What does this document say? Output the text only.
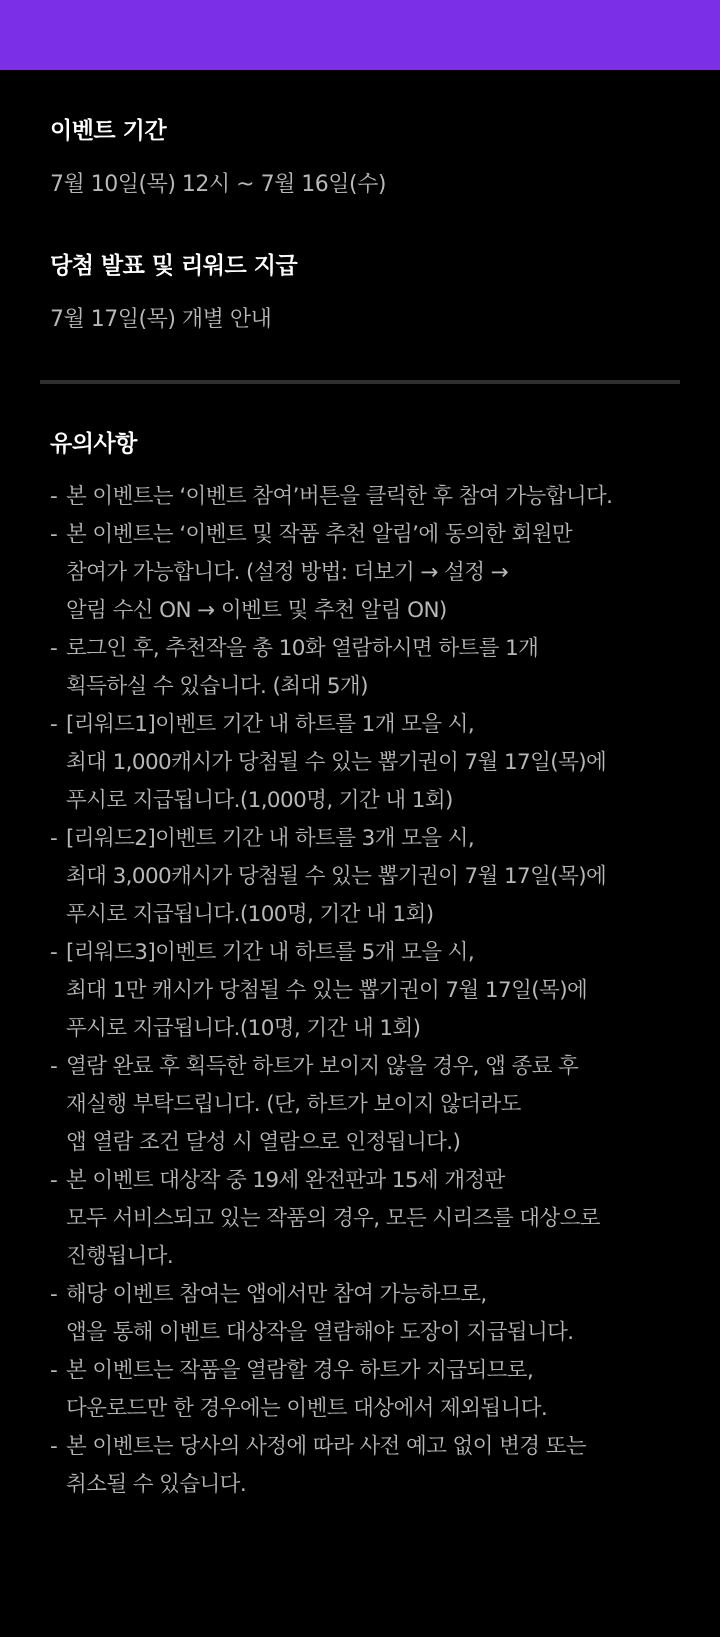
이벤트 기간
7월 10일(목) 12시 ~ 7월 16일(수)
당첨 발표 및 리워드 지급
7월 17일(목) 개별 안내
유의사항
- 본 이벤트는 ‘이벤트 참여’버튼을 클릭한 후 참여 가능합니다.
- 본 이벤트는 ‘이벤트 및 작품 추천 알림’에 동의한 회원만
참여가 가능합니다. (설정 방법: 더보기 → 설정 →
알림 수신 ON → 이벤트 및 추천 알림 ON)
- 로그인 후, 추천작을 총 10화 열람하시면 하트를 1개
획득하실 수 있습니다. (최대 5개)
- [리워드1]이벤트 기간 내 하트를 1개 모을 시,
최대 1,000캐시가 당첨될 수 있는 뽑기권이 7월 17일(목)에
푸시로 지급됩니다.(1,000명, 기간 내 1회)
- [리워드2]이벤트 기간 내 하트를 3개 모을 시,
최대 3,000캐시가 당첨될 수 있는 뽑기권이 7월 17일(목)에
푸시로 지급됩니다.(100명, 기간 내 1회)
- [리워드3]이벤트 기간 내 하트를 5개 모을 시,
최대 1만 캐시가 당첨될 수 있는 뽑기권이 7월 17일(목)에
푸시로 지급됩니다.(10명, 기간 내 1회)
- 열람 완료 후 획득한 하트가 보이지 않을 경우, 앱 종료 후
재실행 부탁드립니다. (단, 하트가 보이지 않더라도
앱 열람 조건 달성 시 열람으로 인정됩니다.)
- 본 이벤트 대상작 중 19세 완전판과 15세 개정판
모두 서비스되고 있는 작품의 경우, 모든 시리즈를 대상으로
진행됩니다.
- 해당 이벤트 참여는 앱에서만 참여 가능하므로,
앱을 통해 이벤트 대상작을 열람해야 도장이 지급됩니다.
- 본 이벤트는 작품을 열람할 경우 하트가 지급되므로,
다운로드만 한 경우에는 이벤트 대상에서 제외됩니다.
- 본 이벤트는 당사의 사정에 따라 사전 예고 없이 변경 또는
취소될 수 있습니다.
